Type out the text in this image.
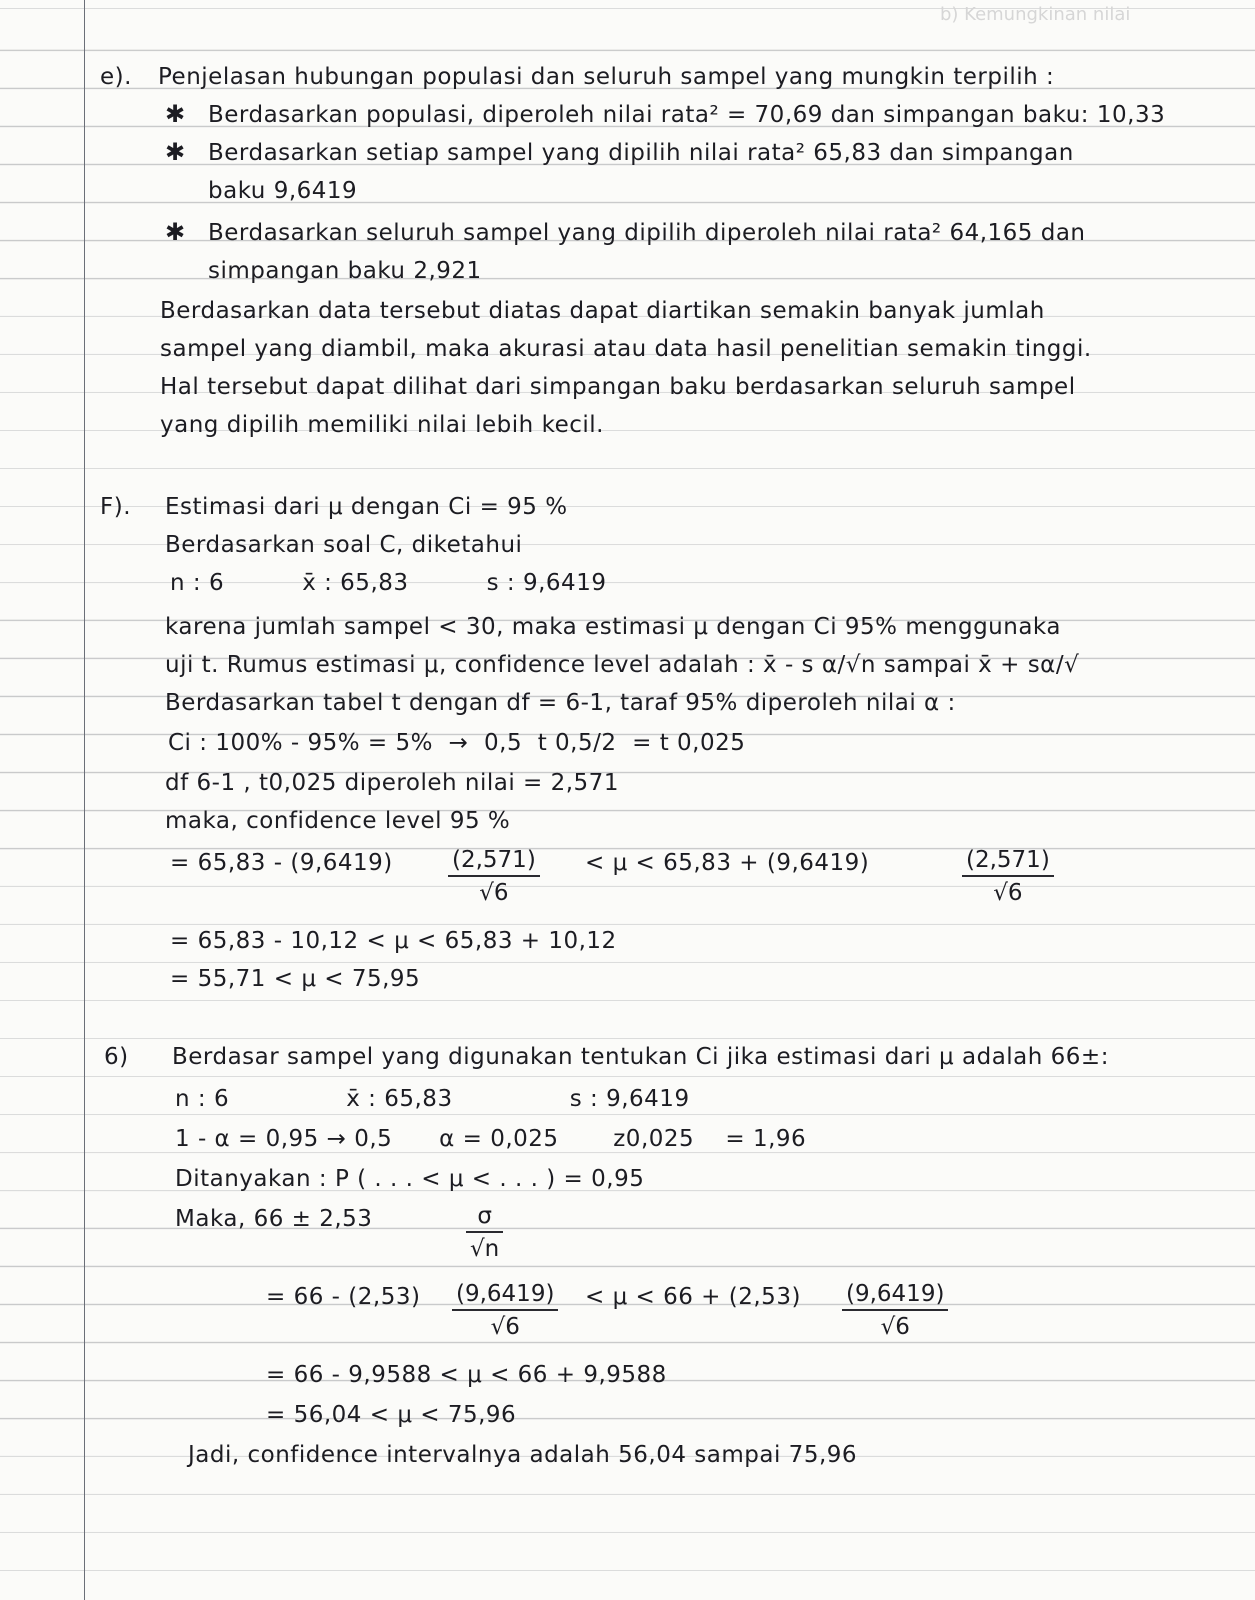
b) Kemungkinan nilai
e). Penjelasan hubungan populasi dan seluruh sampel yang mungkin terpilih :
✱ Berdasarkan populasi, diperoleh nilai rata² = 70,69 dan simpangan baku: 10,33
✱ Berdasarkan setiap sampel yang dipilih nilai rata² 65,83 dan simpangan
baku 9,6419
✱ Berdasarkan seluruh sampel yang dipilih diperoleh nilai rata² 64,165 dan
simpangan baku 2,921
Berdasarkan data tersebut diatas dapat diartikan semakin banyak jumlah
sampel yang diambil, maka akurasi atau data hasil penelitian semakin tinggi.
Hal tersebut dapat dilihat dari simpangan baku berdasarkan seluruh sampel
yang dipilih memiliki nilai lebih kecil.
F). Estimasi dari μ dengan Ci = 95 %
Berdasarkan soal C, diketahui
n : 6          x̄ : 65,83          s : 9,6419
karena jumlah sampel < 30, maka estimasi μ dengan Ci 95% menggunaka
uji t. Rumus estimasi μ, confidence level adalah : x̄ - s α/√n sampai x̄ + sα/√
Berdasarkan tabel t dengan df = 6-1, taraf 95% diperoleh nilai α :
Ci : 100% - 95% = 5%  →  0,5  t 0,5/2  = t 0,025
df 6-1 , t0,025 diperoleh nilai = 2,571
maka, confidence level 95 %
= 65,83 - (9,6419)	(2,571)
√6
< μ < 65,83 + (9,6419)	(2,571)
√6
= 65,83 - 10,12 < μ < 65,83 + 10,12
= 55,71 < μ < 75,95
6) Berdasar sampel yang digunakan tentukan Ci jika estimasi dari μ adalah 66±:
n : 6               x̄ : 65,83               s : 9,6419
1 - α = 0,95 → 0,5      α = 0,025       z0,025    = 1,96
Ditanyakan : P ( . . . < μ < . . . ) = 0,95
Maka, 66 ± 2,53	σ
√n
= 66 - (2,53) (9,6419)
√6
< μ < 66 + (2,53) (9,6419)
√6
= 66 - 9,9588 < μ < 66 + 9,9588
= 56,04 < μ < 75,96
Jadi, confidence intervalnya adalah 56,04 sampai 75,96
